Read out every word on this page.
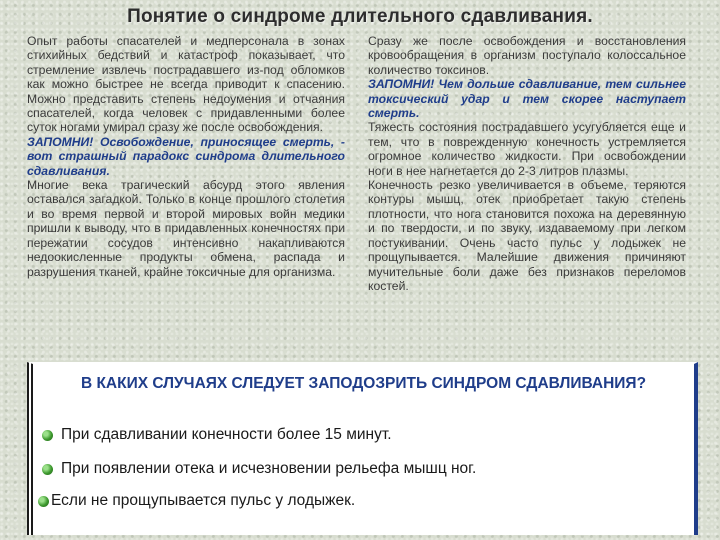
Понятие о синдроме длительного сдавливания.

Опыт работы спасателей и медперсонала в зонах стихийных бедствий и катастроф показывает, что стремление извлечь пострадавшего из-под обломков как можно быстрее не всегда приводит к спасению. Можно представить степень недоумения и отчаяния спасателей, когда человек с придавленными более суток ногами умирал сразу же после освобождения.

ЗАПОМНИ! Освобождение, приносящее смерть, - вот страшный парадокс синдрома длительного сдавливания.

Многие века трагический абсурд этого явления оставался загадкой. Только в конце прошлого столетия и во время первой и второй мировых войн медики пришли к выводу, что в придавленных конечностях при пережатии сосудов интенсивно накапливаются недоокисленные продукты обмена, распада и разрушения тканей, крайне токсичные для организма.

Сразу же после освобождения и восстановления кровообращения в организм поступало колоссальное количество токсинов.

ЗАПОМНИ! Чем дольше сдавливание, тем сильнее токсический удар и тем скорее наступает смерть.

Тяжесть состояния пострадавшего усугубляется еще и тем, что в поврежденную конечность устремляется огромное количество жидкости. При освобождении ноги в нее нагнетается до 2-3 литров плазмы.

Конечность резко увеличивается в объеме, теряются контуры мышц, отек приобретает такую степень плотности, что нога становится похожа на деревянную и по твердости, и по звуку, издаваемому при легком постукивании. Очень часто пульс у лодыжек не прощупывается. Малейшие движения причиняют мучительные боли даже без признаков переломов костей.

В КАКИХ СЛУЧАЯХ СЛЕДУЕТ ЗАПОДОЗРИТЬ СИНДРОМ СДАВЛИВАНИЯ?
При сдавливании конечности более 15 минут.
При появлении отека и исчезновении рельефа мышц ног.
Если не прощупывается пульс у лодыжек.
